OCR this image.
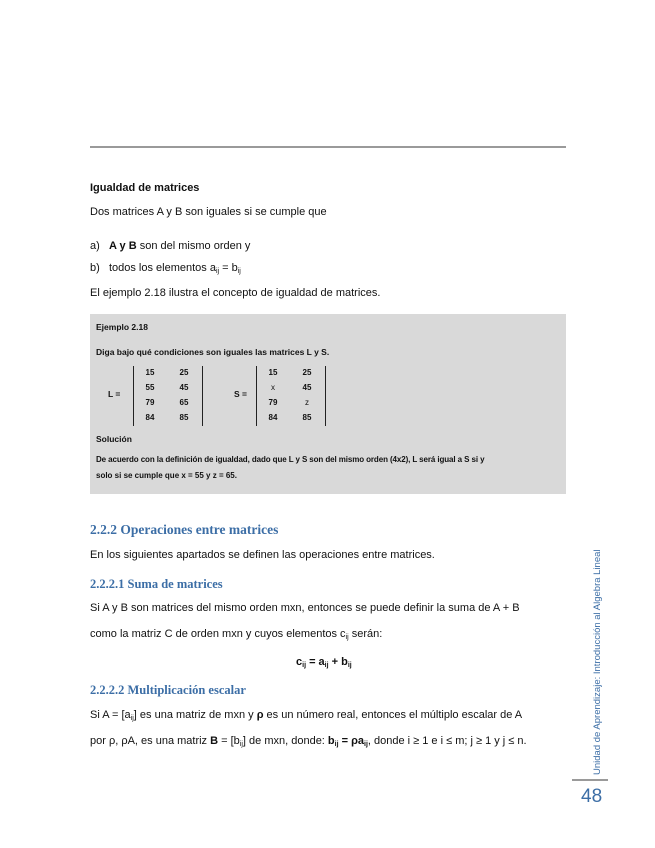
Igualdad de matrices
Dos matrices A y B son iguales si se cumple que
a) A y B son del mismo orden y
b) todos los elementos $a_{ij} = b_{ij}$
El ejemplo 2.18 ilustra el concepto de igualdad de matrices.
Ejemplo 2.18
Diga bajo qué condiciones son iguales las matrices L y S.
L =
15	25
55	45
79	65
84	85
S =
15	25
x	45
79	z
84	85
Solución
De acuerdo con la definición de igualdad, dado que L y S son del mismo orden (4x2), L será igual a S si y
solo si se cumple que x = 55 y z = 65.
2.2.2 Operaciones entre matrices
En los siguientes apartados se definen las operaciones entre matrices.
2.2.2.1 Suma de matrices
Si A y B son matrices del mismo orden mxn, entonces se puede definir la suma de A + B
como la matriz C de orden mxn y cuyos elementos $c_{ij}$ serán:
$c_{ij} = a_{ij} + b_{ij}$
2.2.2.2 Multiplicación escalar
Si $A = [a_{ij}]$ es una matriz de mxn y ρ es un número real, entonces el múltiplo escalar de A
por ρ, ρA, es una matriz $B = [b_{ij}]$ de mxn, donde: $b_{ij} = \rho a_{ij}$, donde i ≥ 1 e i ≤ m; j ≥ 1 y j ≤ n.	Unidad de Aprendizaje: Introducción al Algebra Lineal
48
